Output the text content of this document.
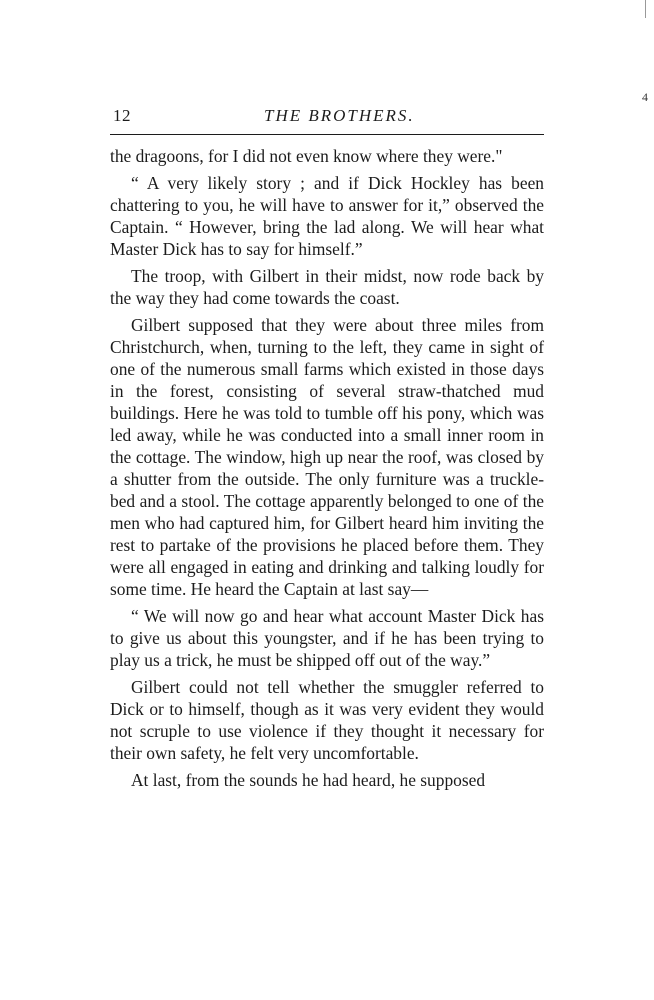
4
12	THE BROTHERS.

the dragoons, for I did not even know where they were."

“ A very likely story ; and if Dick Hockley has been chattering to you, he will have to answer for it,” observed the Captain. “ However, bring the lad along. We will hear what Master Dick has to say for himself.”

The troop, with Gilbert in their midst, now rode back by the way they had come towards the coast.

Gilbert supposed that they were about three miles from Christchurch, when, turning to the left, they came in sight of one of the numerous small farms which existed in those days in the forest, consisting of several straw-thatched mud buildings. Here he was told to tumble off his pony, which was led away, while he was conducted into a small inner room in the cottage. The window, high up near the roof, was closed by a shutter from the outside. The only furniture was a truckle-bed and a stool. The cottage apparently belonged to one of the men who had captured him, for Gilbert heard him inviting the rest to partake of the provisions he placed before them. They were all engaged in eating and drinking and talking loudly for some time. He heard the Captain at last say—

“ We will now go and hear what account Master Dick has to give us about this youngster, and if he has been trying to play us a trick, he must be shipped off out of the way.”

Gilbert could not tell whether the smuggler referred to Dick or to himself, though as it was very evident they would not scruple to use violence if they thought it necessary for their own safety, he felt very uncomfortable.

At last, from the sounds he had heard, he supposed
